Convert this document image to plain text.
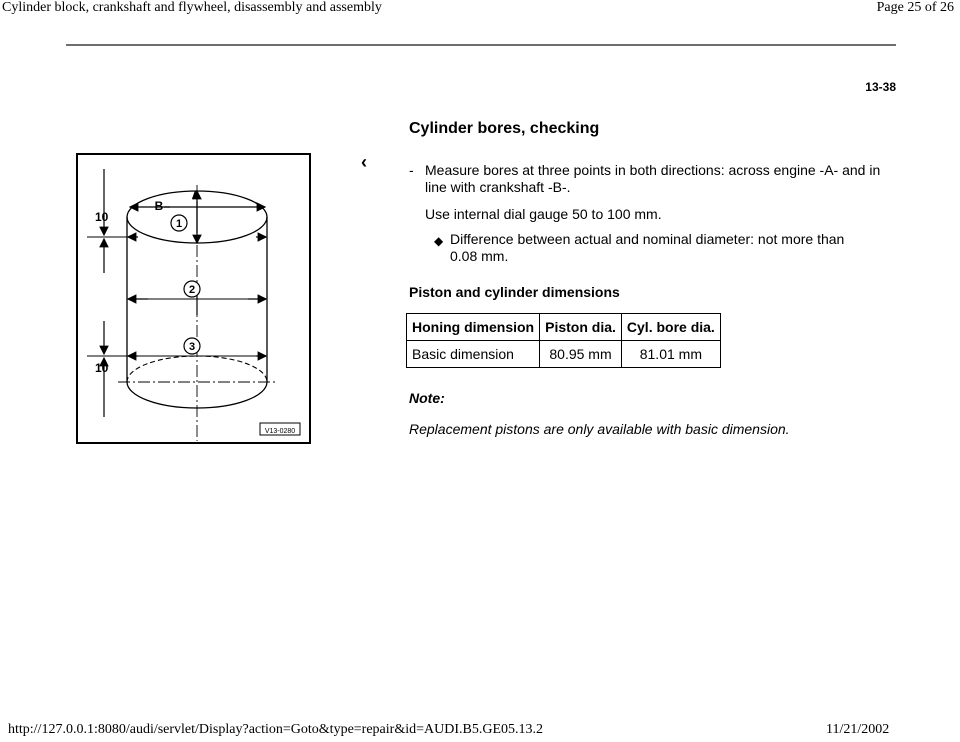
Cylinder block, crankshaft and flywheel, disassembly and assembly	Page 25 of 26
13-38
Cylinder bores, checking
A
B
1
2
3
10
10
V13-0280
‹	- Measure bores at three points in both directions: across engine -A- and in line with crankshaft -B-.
Use internal dial gauge 50 to 100 mm.
◆ Difference between actual and nominal diameter: not more than 0.08 mm.
Piston and cylinder dimensions
Honing dimension	Piston dia.	Cyl. bore dia.
Basic dimension	80.95 mm	81.01 mm
Note:
Replacement pistons are only available with basic dimension.
http://127.0.0.1:8080/audi/servlet/Display?action=Goto&type=repair&id=AUDI.B5.GE05.13.2	11/21/2002
